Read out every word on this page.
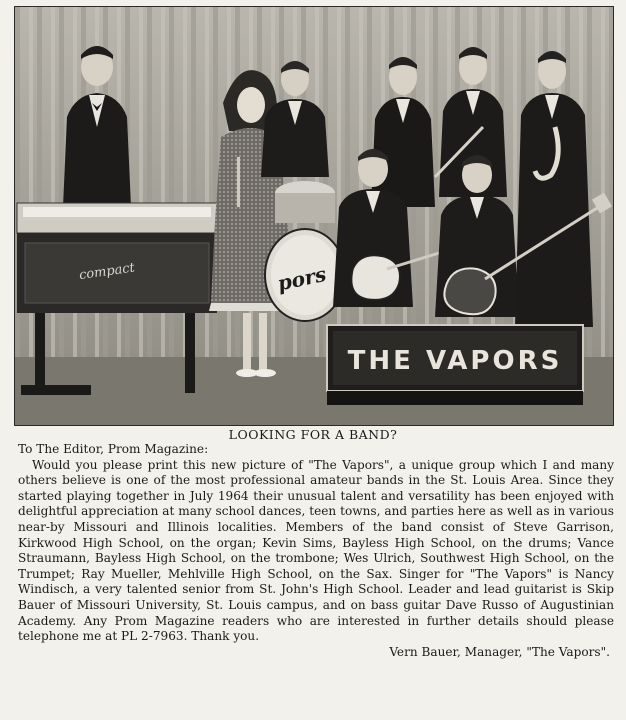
compact	pors
THE VAPORS
LOOKING FOR A BAND?

To The Editor, Prom Magazine:

Would you please print this new picture of "The Vapors", a unique group which I and many others believe is one of the most professional amateur bands in the St. Louis Area. Since they started playing together in July 1964 their unusual talent and versatility has been enjoyed with delightful appreciation at many school dances, teen towns, and parties here as well as in various near-by Missouri and Illinois localities. Members of the band consist of Steve Garrison, Kirkwood High School, on the organ; Kevin Sims, Bayless High School, on the drums; Vance Straumann, Bayless High School, on the trombone; Wes Ulrich, Southwest High School, on the Trumpet; Ray Mueller, Mehlville High School, on the Sax. Singer for "The Vapors" is Nancy Windisch, a very talented senior from St. John's High School. Leader and lead guitarist is Skip Bauer of Missouri University, St. Louis campus, and on bass guitar Dave Russo of Augustinian Academy. Any Prom Magazine readers who are interested in further details should please telephone me at PL 2-7963. Thank you.

Vern Bauer, Manager, "The Vapors".
